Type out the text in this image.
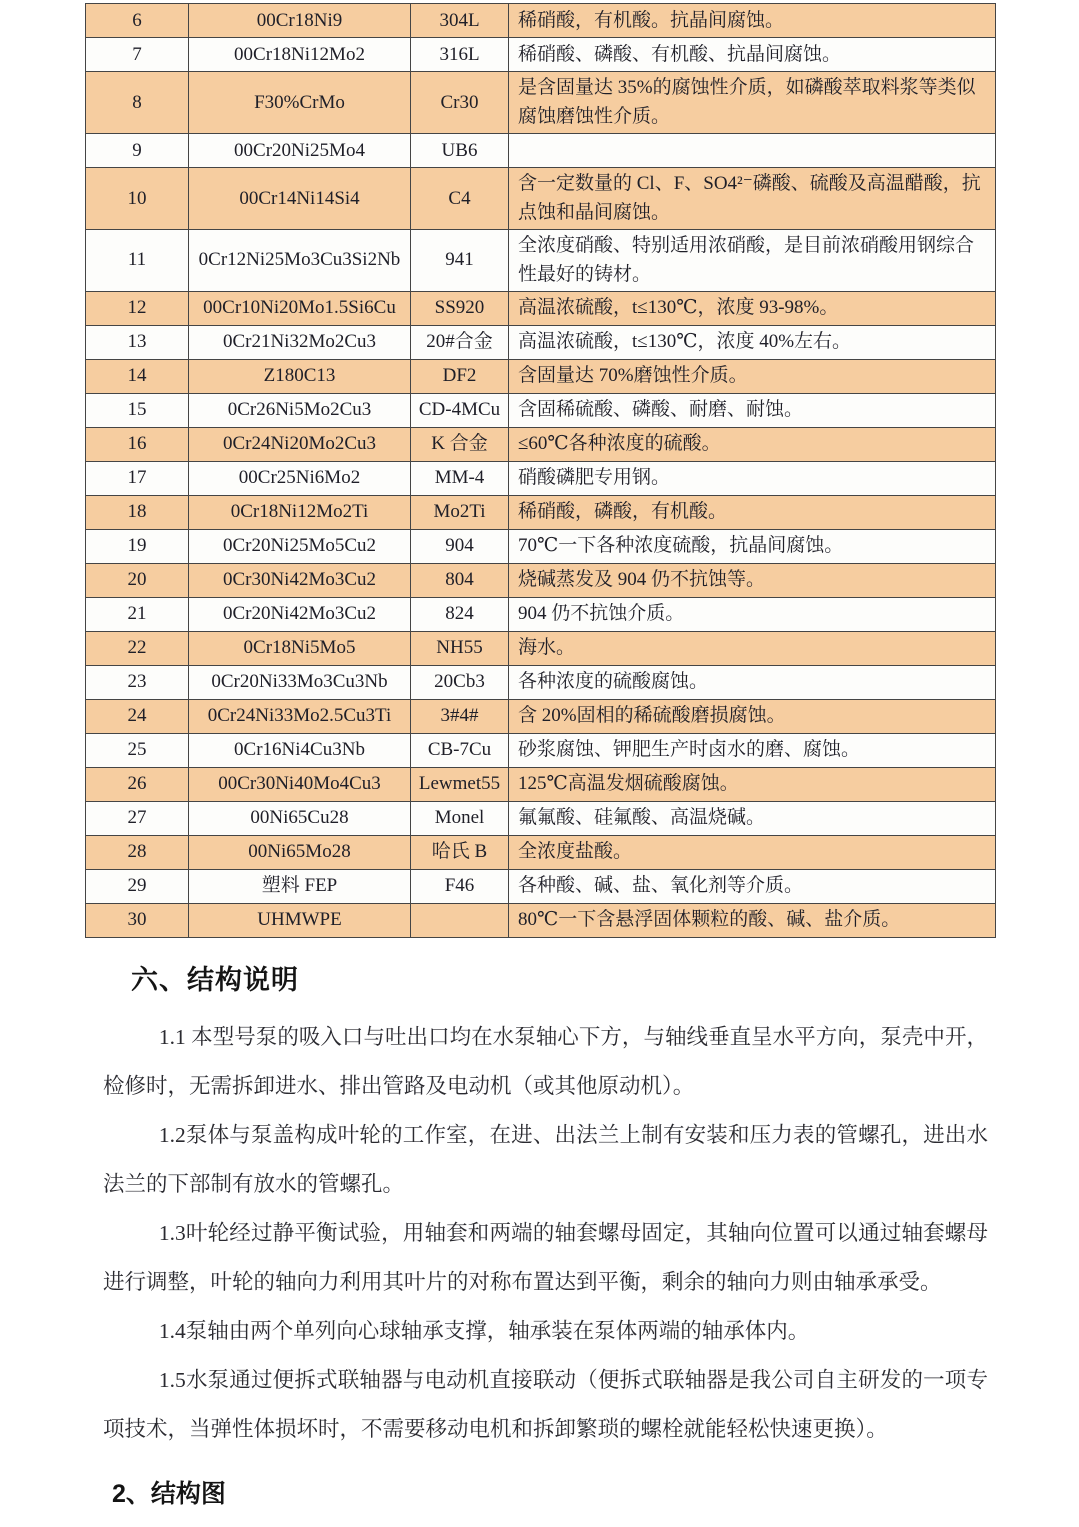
6	00Cr18Ni9	304L	稀硝酸，有机酸。抗晶间腐蚀。
7	00Cr18Ni12Mo2	316L	稀硝酸、磷酸、有机酸、抗晶间腐蚀。
8	F30%CrMo	Cr30	是含固量达 35%的腐蚀性介质，如磷酸萃取料浆等类似腐蚀磨蚀性介质。
9	00Cr20Ni25Mo4	UB6	
10	00Cr14Ni14Si4	C4	含一定数量的 Cl、F、SO4²⁻磷酸、硫酸及高温醋酸，抗点蚀和晶间腐蚀。
11	0Cr12Ni25Mo3Cu3Si2Nb	941	全浓度硝酸、特别适用浓硝酸，是目前浓硝酸用钢综合性最好的铸材。
12	00Cr10Ni20Mo1.5Si6Cu	SS920	高温浓硫酸，t≤130℃，浓度 93-98%。
13	0Cr21Ni32Mo2Cu3	20#合金	高温浓硫酸，t≤130℃，浓度 40%左右。
14	Z180C13	DF2	含固量达 70%磨蚀性介质。
15	0Cr26Ni5Mo2Cu3	CD-4MCu	含固稀硫酸、磷酸、耐磨、耐蚀。
16	0Cr24Ni20Mo2Cu3	K 合金	≤60℃各种浓度的硫酸。
17	00Cr25Ni6Mo2	MM-4	硝酸磷肥专用钢。
18	0Cr18Ni12Mo2Ti	Mo2Ti	稀硝酸，磷酸，有机酸。
19	0Cr20Ni25Mo5Cu2	904	70℃一下各种浓度硫酸，抗晶间腐蚀。
20	0Cr30Ni42Mo3Cu2	804	烧碱蒸发及 904 仍不抗蚀等。
21	0Cr20Ni42Mo3Cu2	824	904 仍不抗蚀介质。
22	0Cr18Ni5Mo5	NH55	海水。
23	0Cr20Ni33Mo3Cu3Nb	20Cb3	各种浓度的硫酸腐蚀。
24	0Cr24Ni33Mo2.5Cu3Ti	3#4#	含 20%固相的稀硫酸磨损腐蚀。
25	0Cr16Ni4Cu3Nb	CB-7Cu	砂浆腐蚀、钾肥生产时卤水的磨、腐蚀。
26	00Cr30Ni40Mo4Cu3	Lewmet55	125℃高温发烟硫酸腐蚀。
27	00Ni65Cu28	Monel	氟氟酸、硅氟酸、高温烧碱。
28	00Ni65Mo28	哈氏 B	全浓度盐酸。
29	塑料 FEP	F46	各种酸、碱、盐、氧化剂等介质。
30	UHMWPE		80℃一下含悬浮固体颗粒的酸、碱、盐介质。
六、结构说明

1.1 本型号泵的吸入口与吐出口均在水泵轴心下方，与轴线垂直呈水平方向，泵壳中开，检修时，无需拆卸进水、排出管路及电动机（或其他原动机）。

1.2泵体与泵盖构成叶轮的工作室，在进、出法兰上制有安装和压力表的管螺孔，进出水法兰的下部制有放水的管螺孔。

1.3叶轮经过静平衡试验，用轴套和两端的轴套螺母固定，其轴向位置可以通过轴套螺母进行调整，叶轮的轴向力利用其叶片的对称布置达到平衡，剩余的轴向力则由轴承承受。

1.4泵轴由两个单列向心球轴承支撑，轴承装在泵体两端的轴承体内。

1.5水泵通过便拆式联轴器与电动机直接联动（便拆式联轴器是我公司自主研发的一项专项技术，当弹性体损坏时，不需要移动电机和拆卸繁琐的螺栓就能轻松快速更换）。

2、结构图
